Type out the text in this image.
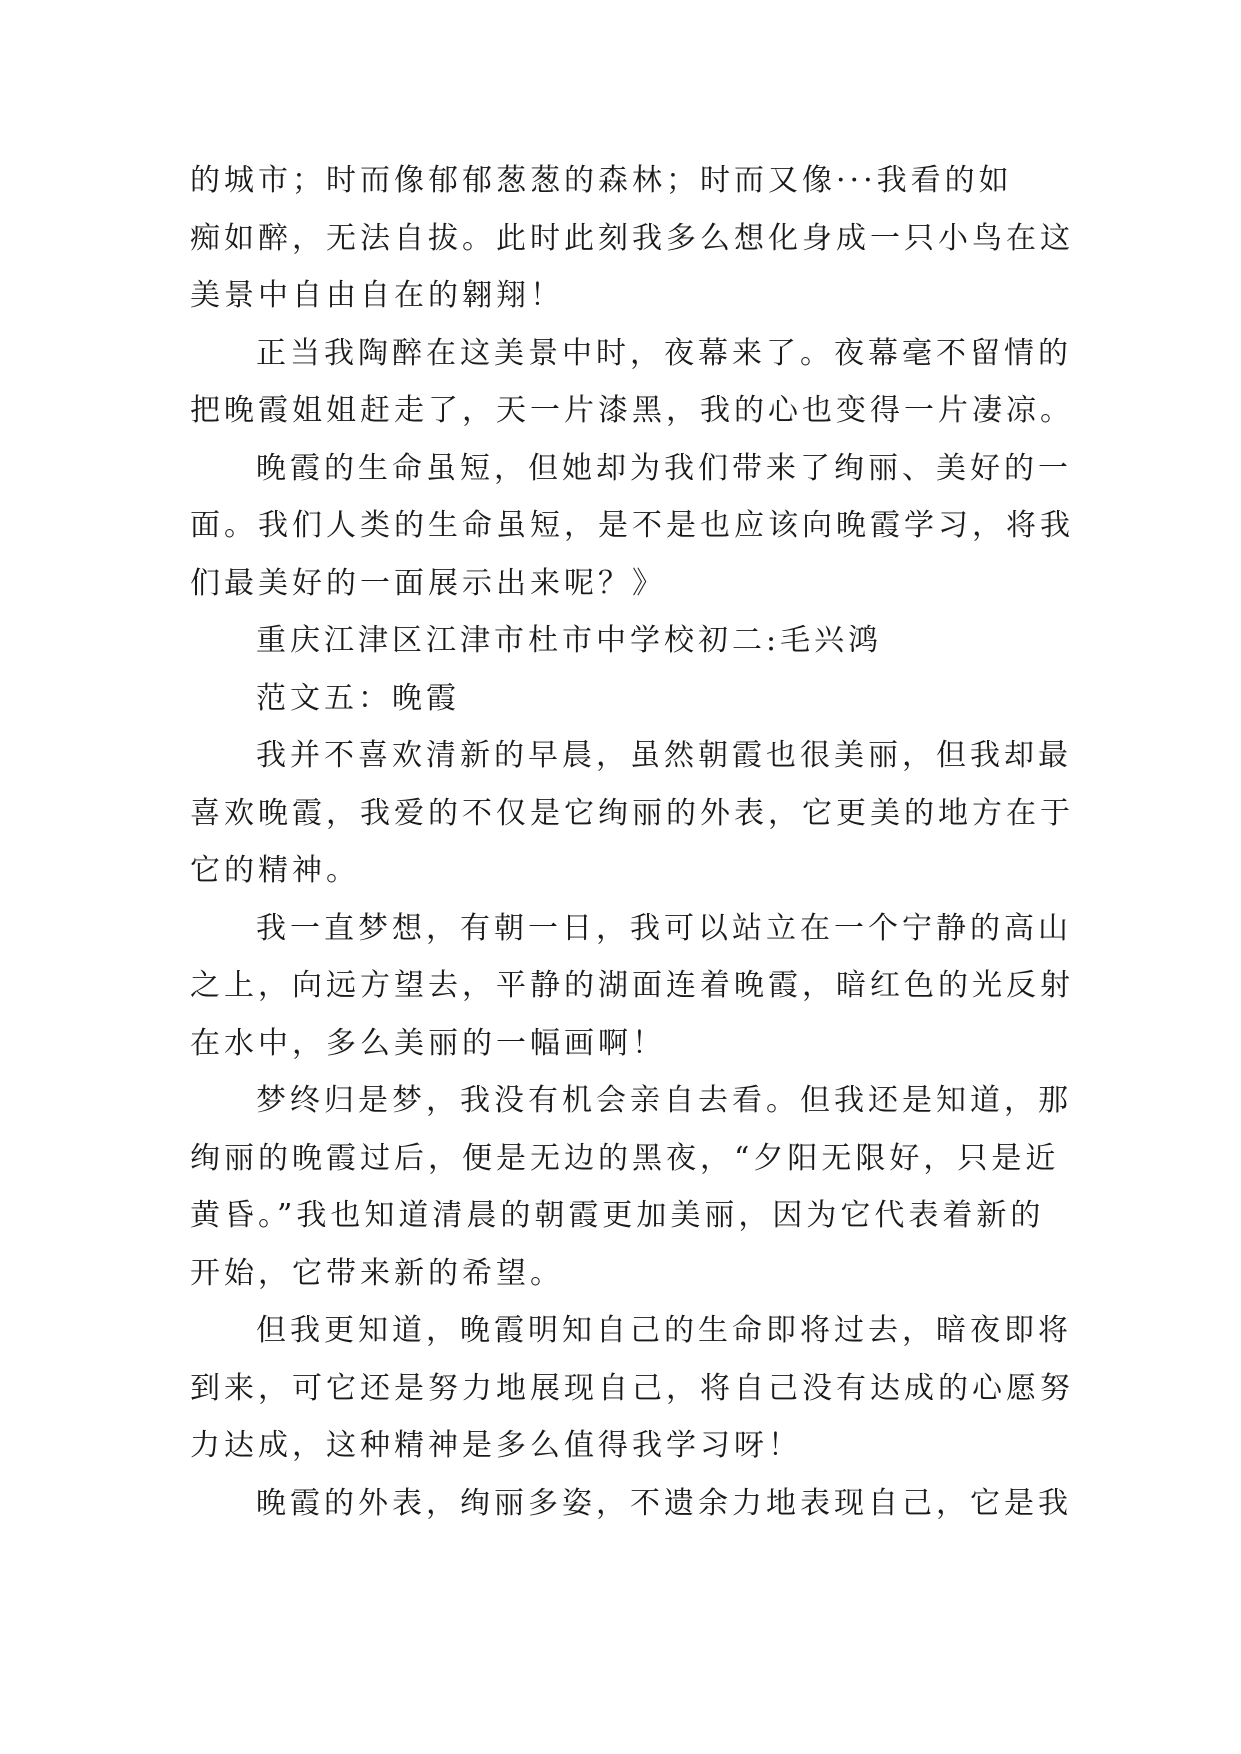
的城市；时而像郁郁葱葱的森林；时而又像···我看的如
痴如醉，无法自拔。此时此刻我多么想化身成一只小鸟在这
美景中自由自在的翱翔！
正当我陶醉在这美景中时，夜幕来了。夜幕毫不留情的
把晚霞姐姐赶走了，天一片漆黑，我的心也变得一片凄凉。
晚霞的生命虽短，但她却为我们带来了绚丽、美好的一
面。我们人类的生命虽短，是不是也应该向晚霞学习，将我
们最美好的一面展示出来呢？》
重庆江津区江津市杜市中学校初二:毛兴鸿
范文五：晚霞
我并不喜欢清新的早晨，虽然朝霞也很美丽，但我却最
喜欢晚霞，我爱的不仅是它绚丽的外表，它更美的地方在于
它的精神。
我一直梦想，有朝一日，我可以站立在一个宁静的高山
之上，向远方望去，平静的湖面连着晚霞，暗红色的光反射
在水中，多么美丽的一幅画啊！
梦终归是梦，我没有机会亲自去看。但我还是知道，那
绚丽的晚霞过后，便是无边的黑夜，“夕阳无限好，只是近
黄昏。”我也知道清晨的朝霞更加美丽，因为它代表着新的
开始，它带来新的希望。
但我更知道，晚霞明知自己的生命即将过去，暗夜即将
到来，可它还是努力地展现自己，将自己没有达成的心愿努
力达成，这种精神是多么值得我学习呀！
晚霞的外表，绚丽多姿，不遗余力地表现自己，它是我
